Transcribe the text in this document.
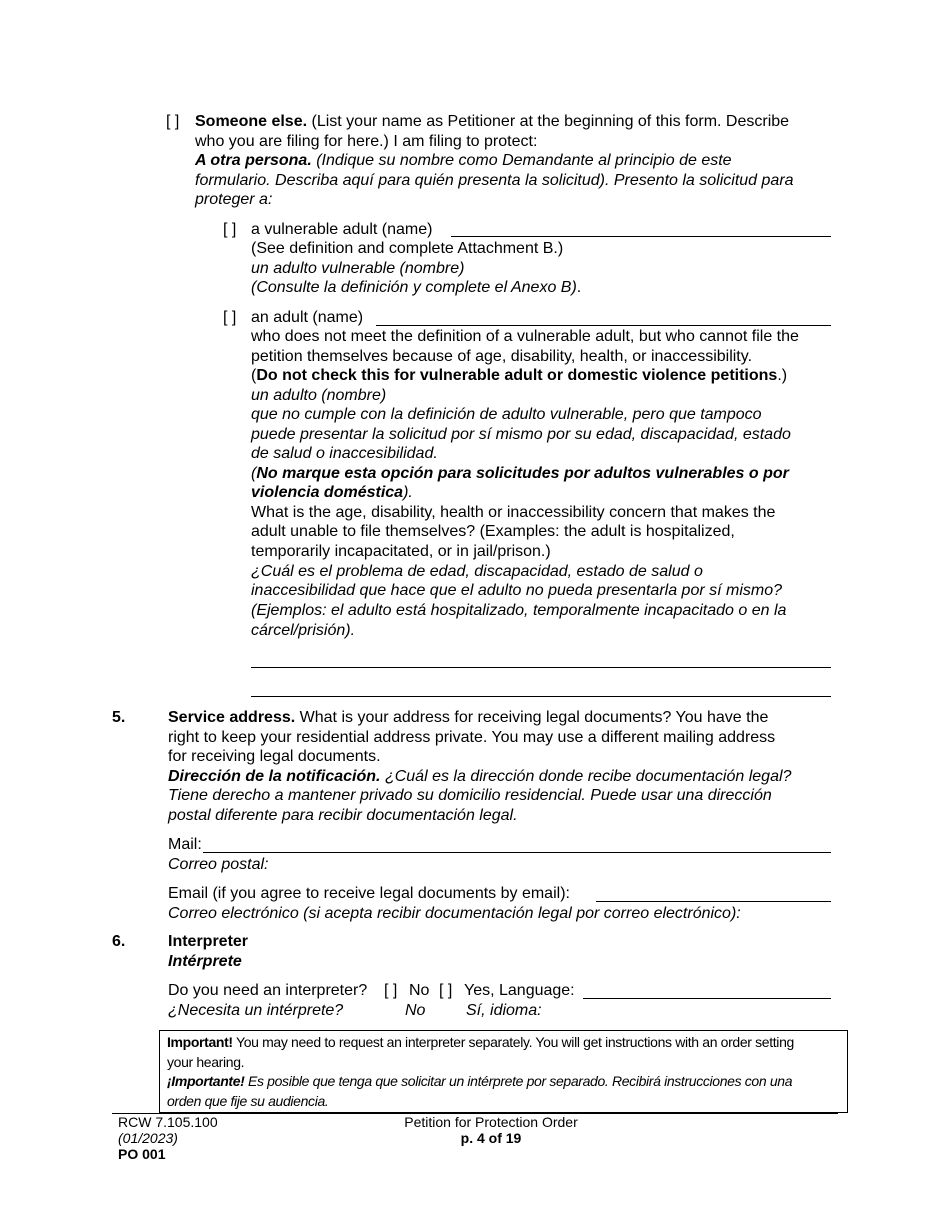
[ ] Someone else. (List your name as Petitioner at the beginning of this form. Describe
who you are filing for here.) I am filing to protect:
A otra persona. (Indique su nombre como Demandante al principio de este
formulario. Describa aquí para quién presenta la solicitud). Presento la solicitud para
proteger a:
[ ] a vulnerable adult (name)
(See definition and complete Attachment B.)
un adulto vulnerable (nombre)
(Consulte la definición y complete el Anexo B).
[ ] an adult (name)
who does not meet the definition of a vulnerable adult, but who cannot file the
petition themselves because of age, disability, health, or inaccessibility.
(Do not check this for vulnerable adult or domestic violence petitions.)
un adulto (nombre)
que no cumple con la definición de adulto vulnerable, pero que tampoco
puede presentar la solicitud por sí mismo por su edad, discapacidad, estado
de salud o inaccesibilidad.
(No marque esta opción para solicitudes por adultos vulnerables o por
violencia doméstica).
What is the age, disability, health or inaccessibility concern that makes the
adult unable to file themselves? (Examples: the adult is hospitalized,
temporarily incapacitated, or in jail/prison.)
¿Cuál es el problema de edad, discapacidad, estado de salud o
inaccesibilidad que hace que el adulto no pueda presentarla por sí mismo?
(Ejemplos: el adulto está hospitalizado, temporalmente incapacitado o en la
cárcel/prisión).
5.	Service address. What is your address for receiving legal documents? You have the
right to keep your residential address private. You may use a different mailing address
for receiving legal documents.
Dirección de la notificación. ¿Cuál es la dirección donde recibe documentación legal?
Tiene derecho a mantener privado su domicilio residencial. Puede usar una dirección
postal diferente para recibir documentación legal.
Mail:
Correo postal:
Email (if you agree to receive legal documents by email):
Correo electrónico (si acepta recibir documentación legal por correo electrónico):
6.	Interpreter
Intérprete
Do you need an interpreter? [ ] No [ ] Yes, Language:
¿Necesita un intérprete?	No	Sí, idioma:
Important! You may need to request an interpreter separately. You will get instructions with an order setting
your hearing.
¡Importante! Es posible que tenga que solicitar un intérprete por separado. Recibirá instrucciones con una
orden que fije su audiencia.
RCW 7.105.100
(01/2023)
PO 001
Petition for Protection Order
p. 4 of 19
